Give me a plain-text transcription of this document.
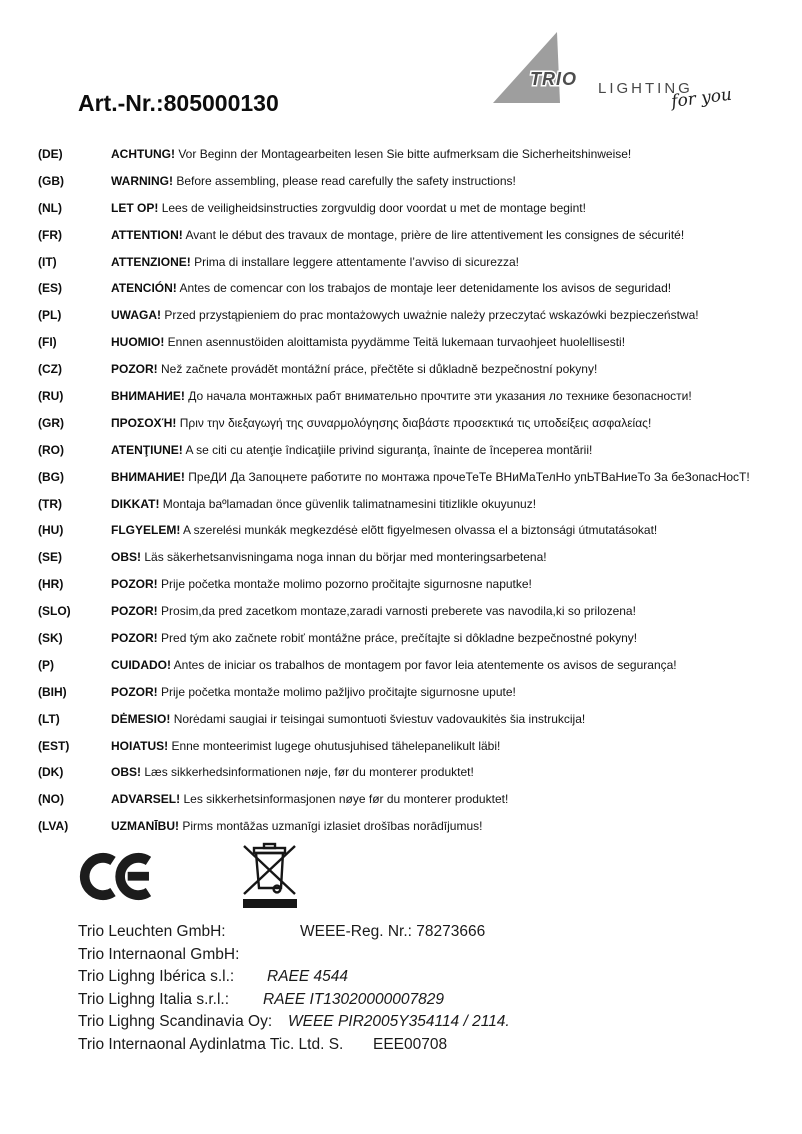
Art.-Nr.:805000130
TRIO LIGHTING
for you
(DE)	ACHTUNG! Vor Beginn der Montagearbeiten lesen Sie bitte aufmerksam die Sicherheitshinweise!
(GB)	WARNING! Before assembling, please read carefully the safety instructions!
(NL)	LET OP! Lees de veiligheidsinstructies zorgvuldig door voordat u met de montage begint!
(FR)	ATTENTION! Avant le début des travaux de montage, prière de lire attentivement les consignes de sécurité!
(IT)	ATTENZIONE! Prima di installare leggere attentamente l’avviso di sicurezza!
(ES)	ATENCIÓN! Antes de comencar con los trabajos de montaje leer detenidamente los avisos de seguridad!
(PL)	UWAGA! Przed przystąpieniem do prac montażowych uważnie należy przeczytać wskazówki bezpieczeństwa!
(FI)	HUOMIO! Ennen asennustöiden aloittamista pyydämme Teitä lukemaan turvaohjeet huolellisesti!
(CZ)	POZOR! Než začnete provádět montážní práce, přečtěte si důkladně bezpečnostní pokyny!
(RU)	ВНИМАНИЕ! До начала монтажных рабт внимательно прочтите эти указания ло технике безопасности!
(GR)	ΠΡΟΣΟΧΉ! Πριν την διεξαγωγή της συναρμολόγησης διαβάστε προσεκτικά τις υποδείξεις ασφαλείας!
(RO)	ATENŢIUNE! A se citi cu atenţie îndicaţiile privind siguranţa, înainte de începerea montării!
(BG)	ВНИМАНИЕ! ПреДИ Да Запоцнете работите по монтажа прочеТеТе ВНиМаТелНо упЬТВаНиеТо За беЗопасНосТ!
(TR)	DIKKAT! Montaja baºlamadan önce güvenlik talimatnamesini titizlikle okuyunuz!
(HU)	FLGYELEM! A szerelési munkák megkezdésė elõtt figyelmesen olvassa el a biztonsági útmutatásokat!
(SE)	OBS! Läs säkerhetsanvisningama noga innan du börjar med monteringsarbetena!
(HR)	POZOR! Prije početka montaže molimo pozorno pročitajte sigurnosne naputke!
(SLO)	POZOR! Prosim,da pred zacetkom montaze,zaradi varnosti preberete vas navodila,ki so prilozena!
(SK)	POZOR! Pred tým ako začnete robiť montážne práce, prečítajte si dôkladne bezpečnostné pokyny!
(P)	CUIDADO! Antes de iniciar os trabalhos de montagem por favor leia atentemente os avisos de segurança!
(BIH)	POZOR! Prije početka montaže molimo pažljivo pročitajte sigurnosne upute!
(LT)	DĖMESIO! Norėdami saugiai ir teisingai sumontuoti šviestuv vadovaukitės šia instrukcija!
(EST)	HOIATUS! Enne monteerimist lugege ohutusjuhised tähelepanelikult läbi!
(DK)	OBS! Læs sikkerhedsinformationen nøje, før du monterer produktet!
(NO)	ADVARSEL! Les sikkerhetsinformasjonen nøye før du monterer produktet!
(LVA)	UZMANĪBU! Pirms montāžas uzmanīgi izlasiet drošības norādījumus!
Trio Leuchten GmbH:	WEEE-Reg. Nr.: 78273666
Trio Internaonal GmbH:
Trio Lighng Ibérica s.l.: RAEE 4544
Trio Lighng Italia s.r.l.: RAEE IT13020000007829
Trio Lighng Scandinavia Oy: WEEE PIR2005Y354114 / 2114.
Trio Internaonal Aydinlatma Tic. Ltd. S. EEE00708
